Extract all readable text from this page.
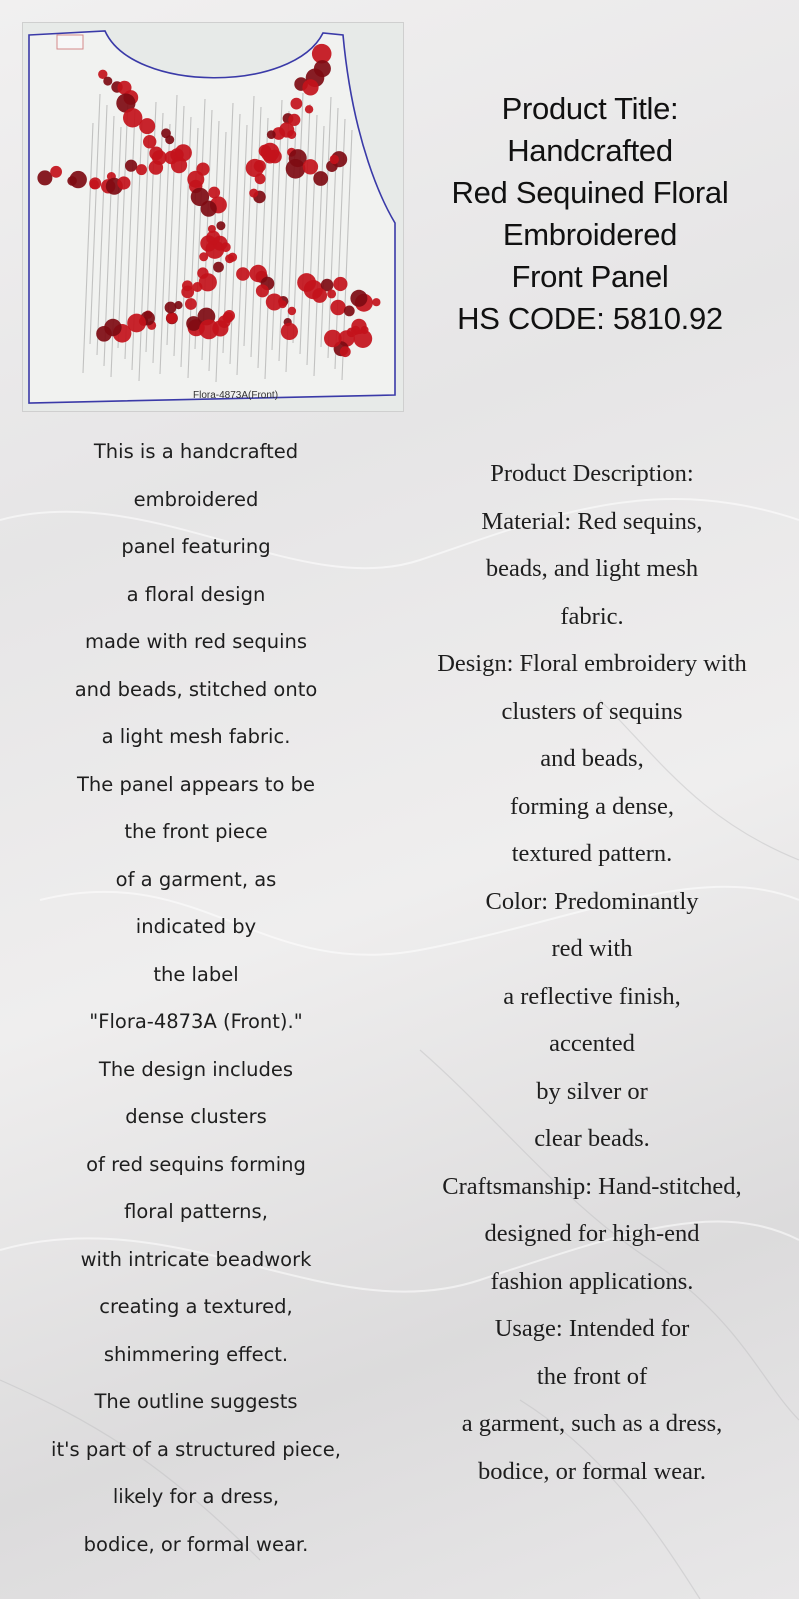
Flora-4873A(Front)
Product Title:
Handcrafted
Red Sequined Floral
Embroidered
Front Panel
HS CODE: 5810.92
This is a handcrafted
embroidered
panel featuring
a floral design
made with red sequins
and beads, stitched onto
a light mesh fabric.
The panel appears to be
the front piece
of a garment, as
indicated by
the label
"Flora-4873A (Front)."
The design includes
dense clusters
of red sequins forming
floral patterns,
with intricate beadwork
creating a textured,
shimmering effect.
The outline suggests
it's part of a structured piece,
likely for a dress,
bodice, or formal wear.
Product Description:
Material: Red sequins,
beads, and light mesh
fabric.
Design: Floral embroidery with
clusters of sequins
and beads,
forming a dense,
textured pattern.
Color: Predominantly
red with
a reflective finish,
accented
by silver or
clear beads.
Craftsmanship: Hand-stitched,
designed for high-end
fashion applications.
Usage: Intended for
the front of
a garment, such as a dress,
bodice, or formal wear.
